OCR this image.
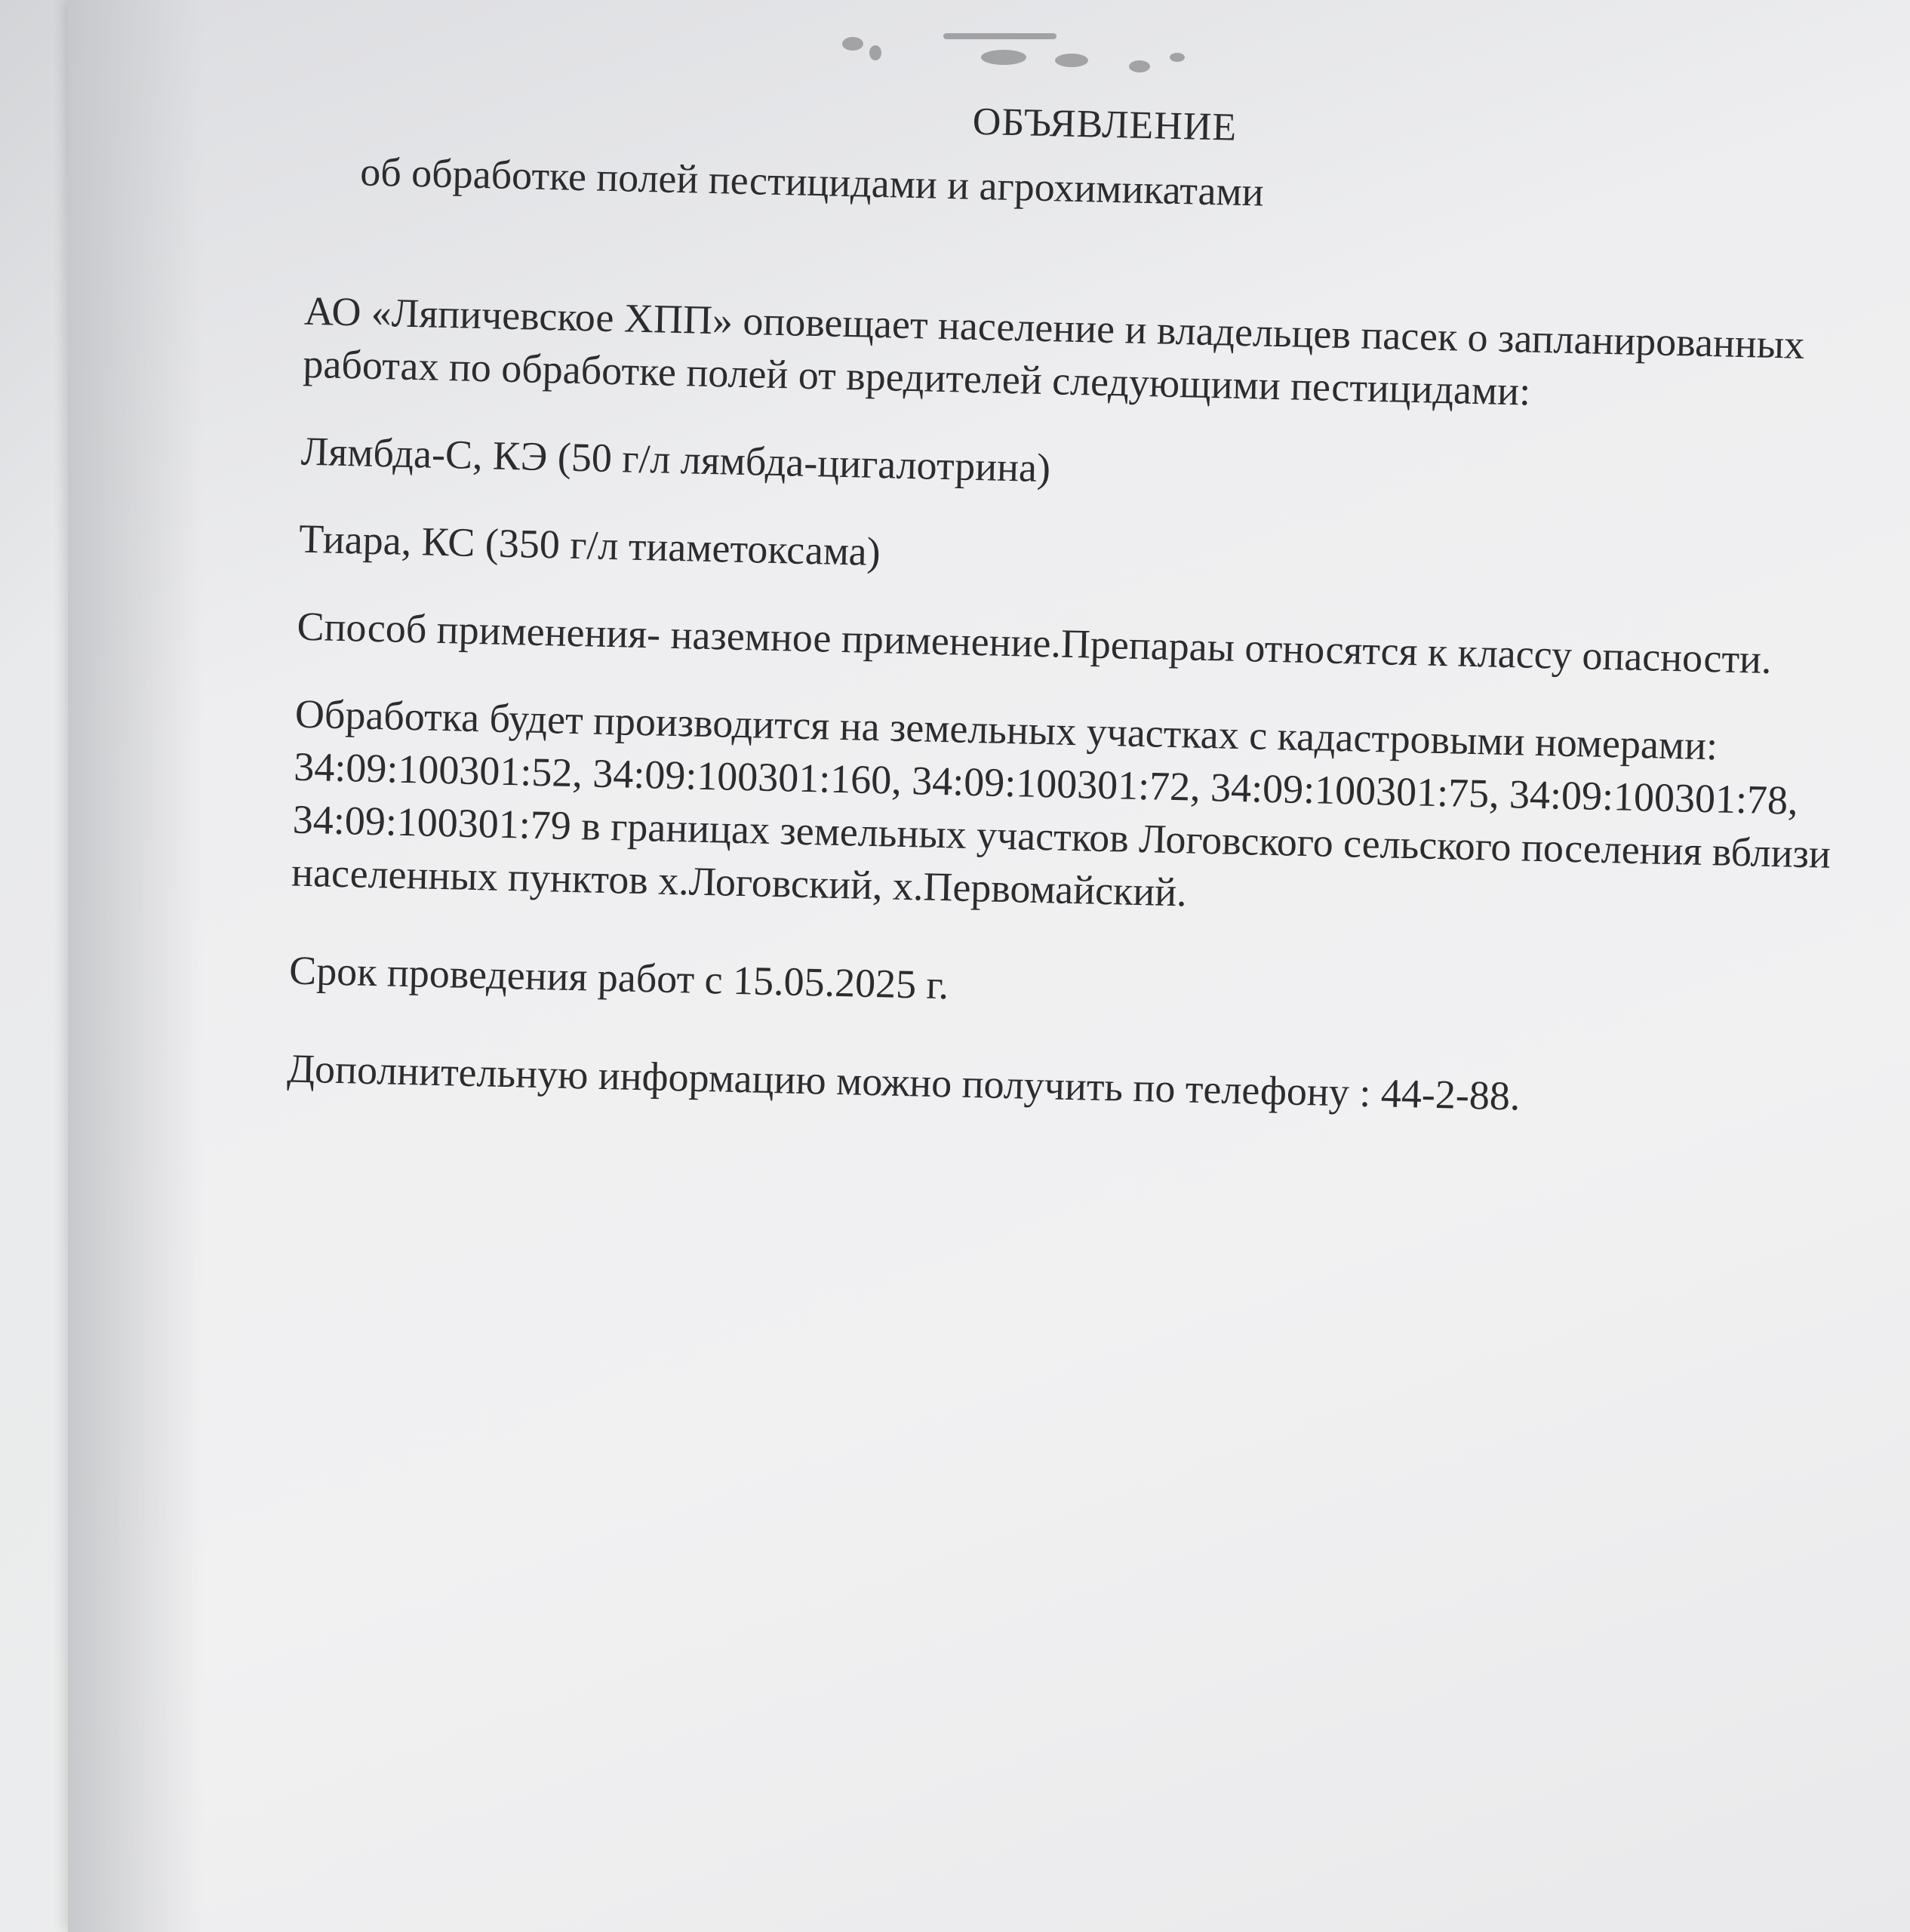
ОБЪЯВЛЕНИЕ
об обработке полей пестицидами и агрохимикатами

АО «Ляпичевское ХПП» оповещает население и владельцев пасек о запланированных работах по обработке полей от вредителей следующими пестицидами:

Лямбда-С, КЭ (50 г/л лямбда-цигалотрина)

Тиара, КС (350 г/л тиаметоксама)

Способ применения- наземное применение.Препараы относятся к классу опасности.

Обработка будет производится на земельных участках с кадастровыми номерами: 34:09:100301:52, 34:09:100301:160, 34:09:100301:72, 34:09:100301:75, 34:09:100301:78, 34:09:100301:79 в границах земельных участков Логовского сельского поселения вблизи населенных пунктов х.Логовский, х.Первомайский.

Срок проведения работ с 15.05.2025 г.

Дополнительную информацию можно получить по телефону : 44-2-88.
